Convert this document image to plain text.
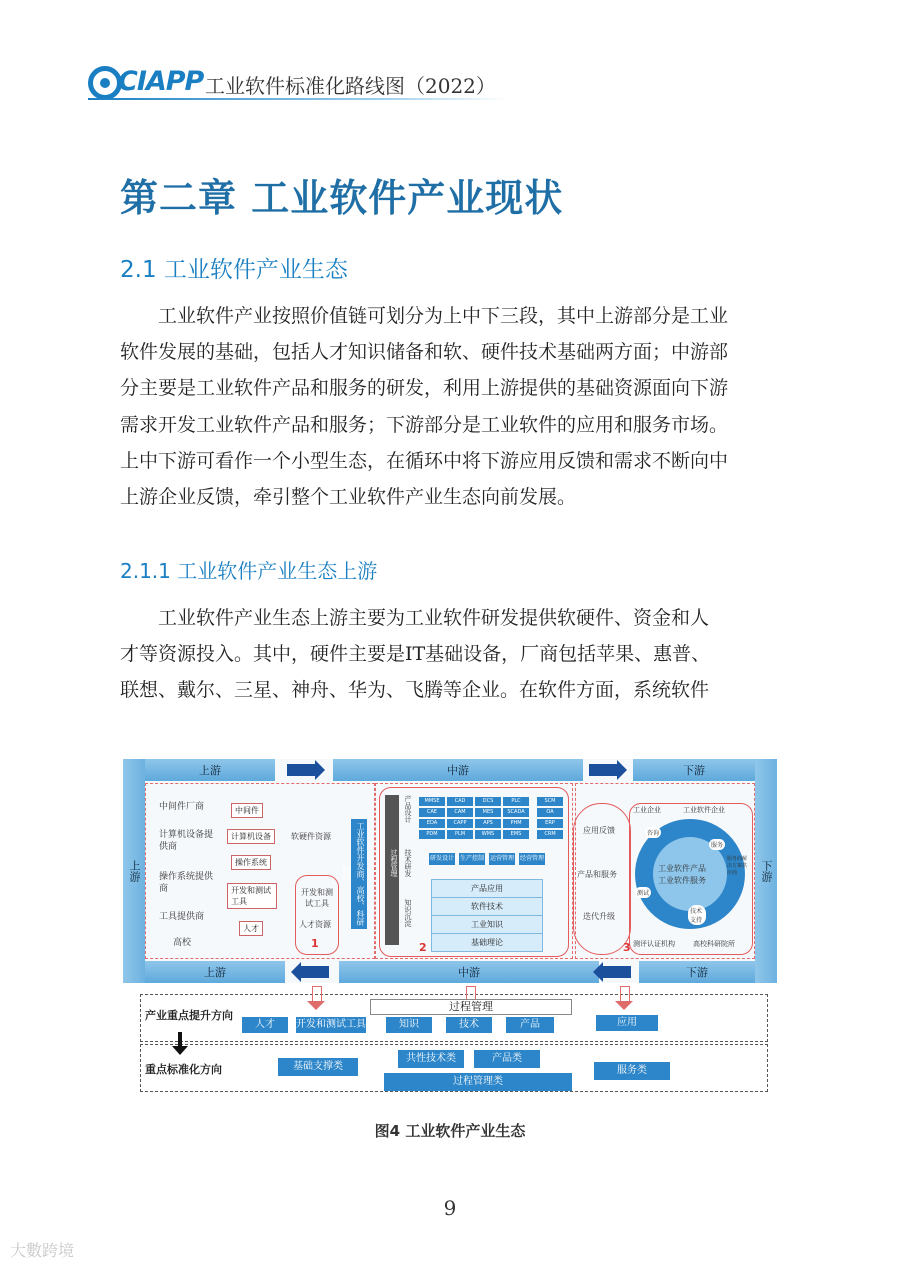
CIAPP 工业软件标准化路线图（2022）
第二章 工业软件产业现状
2.1 工业软件产业生态
工业软件产业按照价值链可划分为上中下三段，其中上游部分是工业
软件发展的基础，包括人才知识储备和软、硬件技术基础两方面；中游部
分主要是工业软件产品和服务的研发，利用上游提供的基础资源面向下游
需求开发工业软件产品和服务；下游部分是工业软件的应用和服务市场。
上中下游可看作一个小型生态，在循环中将下游应用反馈和需求不断向中
上游企业反馈，牵引整个工业软件产业生态向前发展。
2.1.1 工业软件产业生态上游
工业软件产业生态上游主要为工业软件研发提供软硬件、资金和人
才等资源投入。其中，硬件主要是IT基础设备，厂商包括苹果、惠普、
联想、戴尔、三星、神舟、华为、飞腾等企业。在软件方面，系统软件
上游	中游	下游
上游	中游	下游
上游	下游
中间件厂商
计算机设备提供商
操作系统提供商
工具提供商
高校
中间件
计算机设备
操作系统
开发和测试工具
人才
软硬件资源
开发和测试工具
人才资源
1
工业软件开发商、高校、科研院所
产品设计
过程管理 技术研发
知识沉淀
MMSE	CAD	DCS	PLC
CAE	CAM	MES	SCADA
EDA	CAPP	APS	PHM
PDM	PLM	WMS	EMS
SCM
OA
ERP
CRM
研发设计 生产控制 运营管理 经营管理
产品应用
软件技术
工业知识
基础理论
2
应用反馈
产品和服务
迭代升级
工业企业	工业软件企业
工业软件产品
工业软件服务
咨询
服务
测试
技术支持
服务商解决方案供应商
测评认证机构	高校科研院所
3
产业重点提升方向
重点标准化方向
过程管理
人才	开发和测试工具	知识	技术	产品	应用
基础支撑类
共性技术类	产品类
服务类
过程管理类
图4 工业软件产业生态
9
大數跨境
